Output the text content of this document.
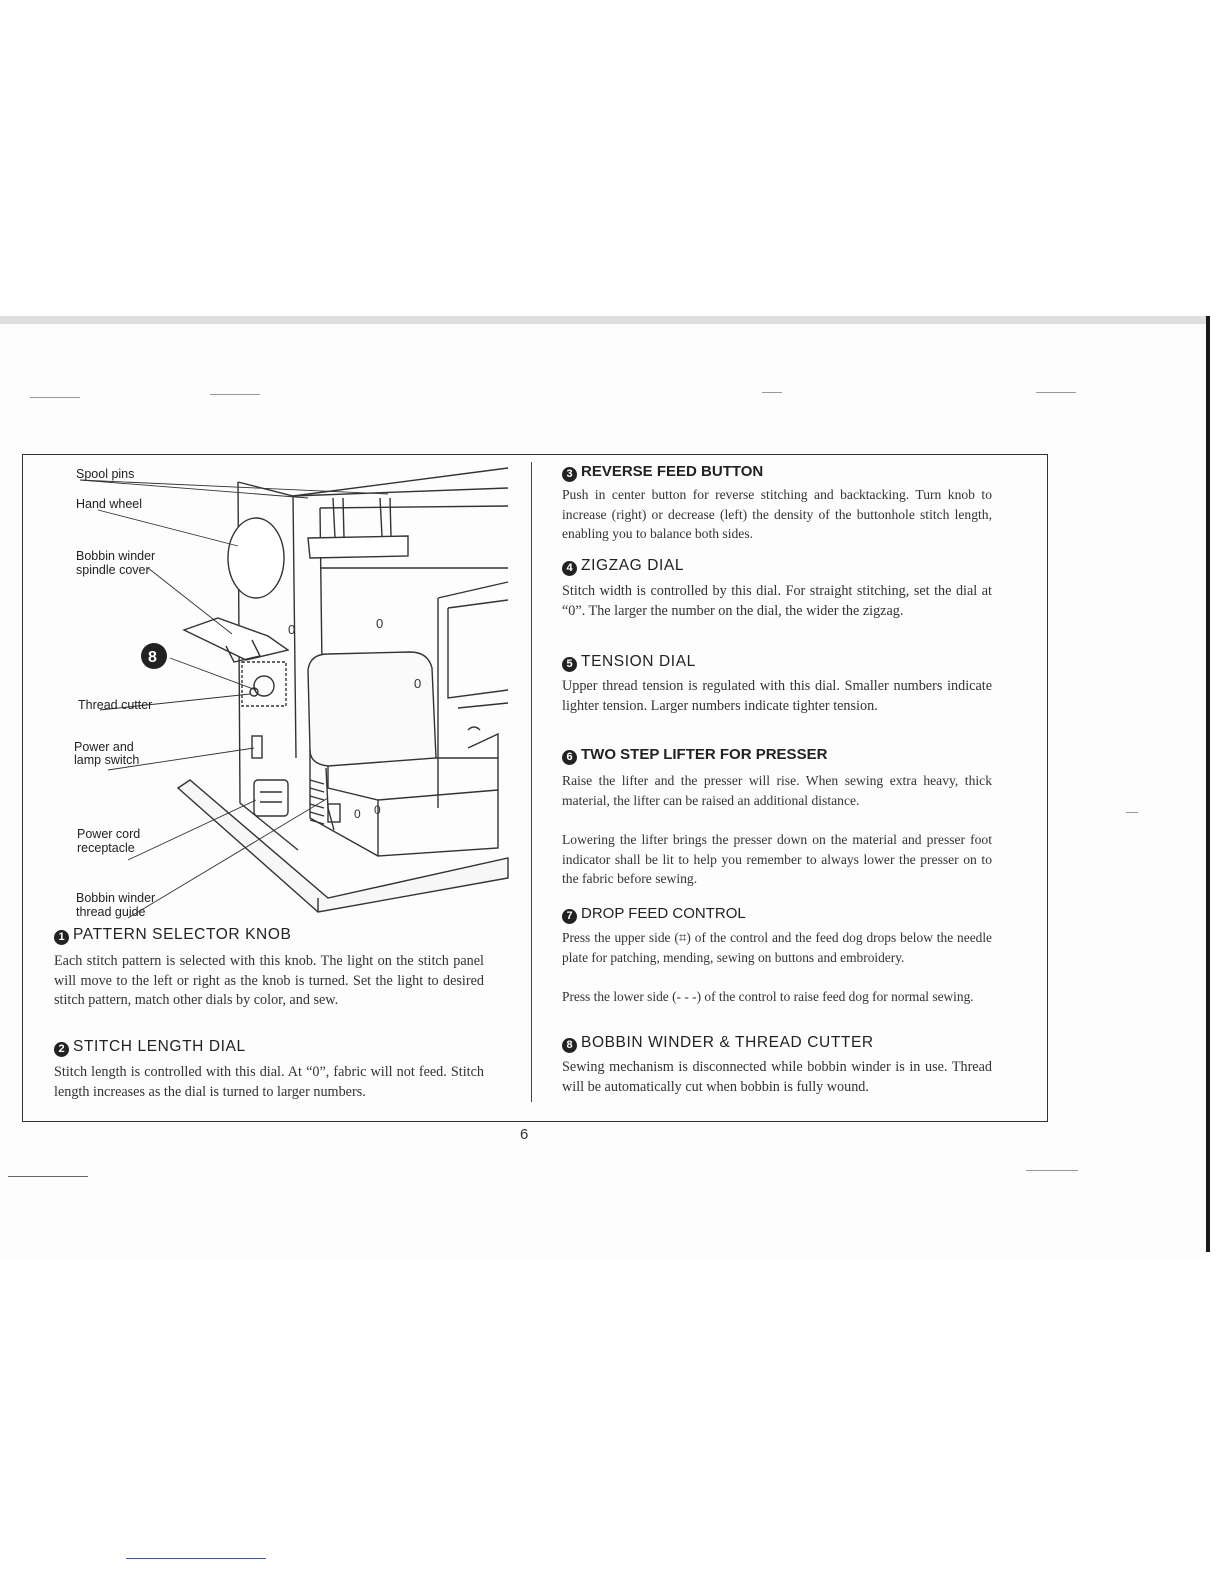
0	0
0
0 0
8
Spool pins
Hand wheel
Bobbin winder
spindle cover
Thread cutter
Power and
lamp switch
Power cord
receptacle
Bobbin winder
thread guide
1 PATTERN SELECTOR KNOB

Each stitch pattern is selected with this knob. The light on the stitch panel will move to the left or right as the knob is turned. Set the light to desired stitch pattern, match other dials by color, and sew.

2 STITCH LENGTH DIAL

Stitch length is controlled with this dial. At “0”, fabric will not feed. Stitch length increases as the dial is turned to larger numbers.

3 REVERSE FEED BUTTON

Push in center button for reverse stitching and backtacking. Turn knob to increase (right) or decrease (left) the density of the buttonhole stitch length, enabling you to balance both sides.

4 ZIGZAG DIAL

Stitch width is controlled by this dial. For straight stitching, set the dial at “0”. The larger the number on the dial, the wider the zigzag.

5 TENSION DIAL

Upper thread tension is regulated with this dial. Smaller numbers indicate lighter tension. Larger numbers indicate tighter tension.

6 TWO STEP LIFTER FOR PRESSER

Raise the lifter and the presser will rise. When sewing extra heavy, thick material, the lifter can be raised an additional distance.

Lowering the lifter brings the presser down on the material and presser foot indicator shall be lit to help you remember to always lower the presser on to the fabric before sewing.

7 DROP FEED CONTROL

Press the upper side (⌗) of the control and the feed dog drops below the needle plate for patching, mending, sewing on buttons and embroidery.

Press the lower side (- - -) of the control to raise feed dog for normal sewing.

8 BOBBIN WINDER & THREAD CUTTER

Sewing mechanism is disconnected while bobbin winder is in use. Thread will be automatically cut when bobbin is fully wound.

6
